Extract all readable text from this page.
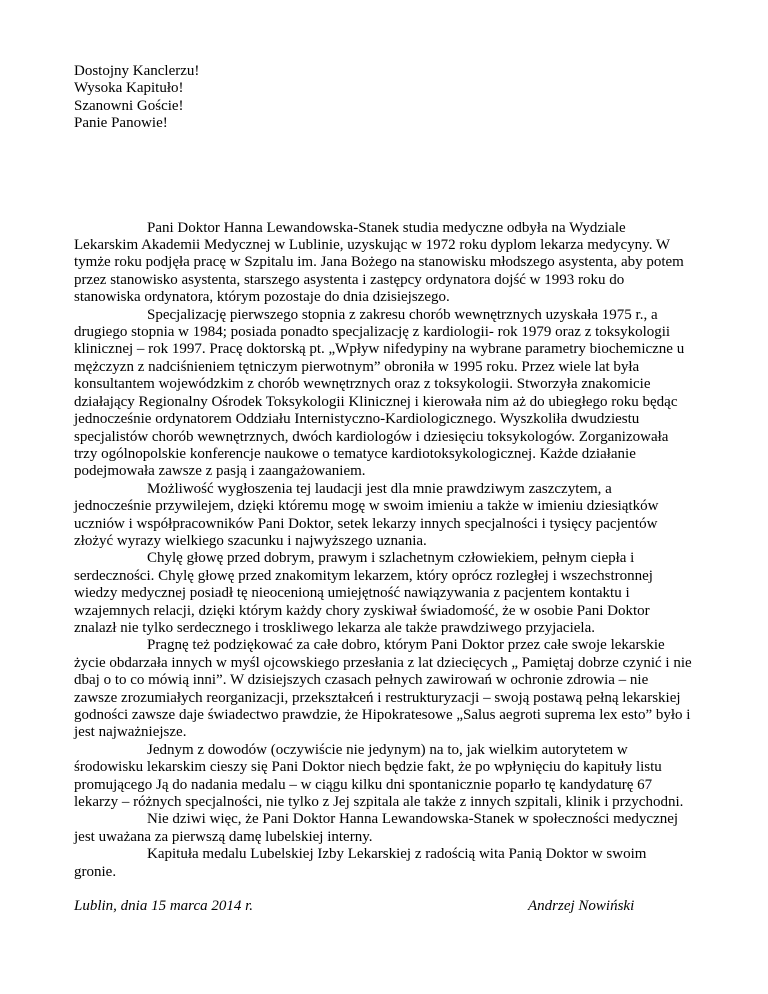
Dostojny Kanclerzu!
Wysoka Kapituło!
Szanowni Goście!
Panie Panowie!

Pani Doktor Hanna Lewandowska-Stanek studia medyczne odbyła na Wydziale Lekarskim Akademii Medycznej w Lublinie, uzyskując w 1972 roku dyplom lekarza medycyny. W tymże roku podjęła pracę w Szpitalu im. Jana Bożego na stanowisku młodszego asystenta, aby potem przez stanowisko asystenta, starszego asystenta i zastępcy ordynatora dojść w 1993 roku do stanowiska ordynatora, którym pozostaje do dnia dzisiejszego.

Specjalizację pierwszego stopnia z zakresu chorób wewnętrznych uzyskała 1975 r., a drugiego stopnia w 1984; posiada ponadto specjalizację z kardiologii- rok 1979 oraz z toksykologii klinicznej – rok 1997. Pracę doktorską pt. „Wpływ nifedypiny na wybrane parametry biochemiczne u mężczyzn z nadciśnieniem tętniczym pierwotnym” obroniła w 1995 roku. Przez wiele lat była konsultantem wojewódzkim z chorób wewnętrznych oraz z toksykologii. Stworzyła znakomicie działający Regionalny Ośrodek Toksykologii Klinicznej i kierowała nim aż do ubiegłego roku będąc jednocześnie ordynatorem Oddziału Internistyczno-Kardiologicznego. Wyszkoliła dwudziestu specjalistów chorób wewnętrznych, dwóch kardiologów i dziesięciu toksykologów. Zorganizowała trzy ogólnopolskie konferencje naukowe o tematyce kardiotoksykologicznej. Każde działanie podejmowała zawsze z pasją i zaangażowaniem.

Możliwość wygłoszenia tej laudacji jest dla mnie prawdziwym zaszczytem, a jednocześnie przywilejem, dzięki któremu mogę w swoim imieniu a także w imieniu dziesiątków uczniów i współpracowników Pani Doktor, setek lekarzy innych specjalności i tysięcy pacjentów złożyć wyrazy wielkiego szacunku i najwyższego uznania.

Chylę głowę przed dobrym, prawym i szlachetnym człowiekiem, pełnym ciepła i serdeczności. Chylę głowę przed znakomitym lekarzem, który oprócz rozległej i wszechstronnej wiedzy medycznej posiadł tę nieocenioną umiejętność nawiązywania z pacjentem kontaktu i wzajemnych relacji, dzięki którym każdy chory zyskiwał świadomość, że w osobie Pani Doktor znalazł nie tylko serdecznego i troskliwego lekarza ale także prawdziwego przyjaciela.

Pragnę też podziękować za całe dobro, którym Pani Doktor przez całe swoje lekarskie życie obdarzała innych w myśl ojcowskiego przesłania z lat dziecięcych „ Pamiętaj dobrze czynić i nie dbaj o to co mówią inni”. W dzisiejszych czasach pełnych zawirowań w ochronie zdrowia – nie zawsze zrozumiałych reorganizacji, przekształceń i restrukturyzacji – swoją postawą pełną lekarskiej godności zawsze daje świadectwo prawdzie, że Hipokratesowe „Salus aegroti suprema lex esto” było i jest najważniejsze.

Jednym z dowodów (oczywiście nie jedynym) na to, jak wielkim autorytetem w środowisku lekarskim cieszy się Pani Doktor niech będzie fakt, że po wpłynięciu do kapituły listu promującego Ją do nadania medalu – w ciągu kilku dni spontanicznie poparło tę kandydaturę 67 lekarzy – różnych specjalności, nie tylko z Jej szpitala ale także z innych szpitali, klinik i przychodni.

Nie dziwi więc, że Pani Doktor Hanna Lewandowska-Stanek w społeczności medycznej jest uważana za pierwszą damę lubelskiej interny.

Kapituła medalu Lubelskiej Izby Lekarskiej z radością wita Panią Doktor w swoim gronie.

Lublin, dnia 15 marca 2014 r.	Andrzej Nowiński
